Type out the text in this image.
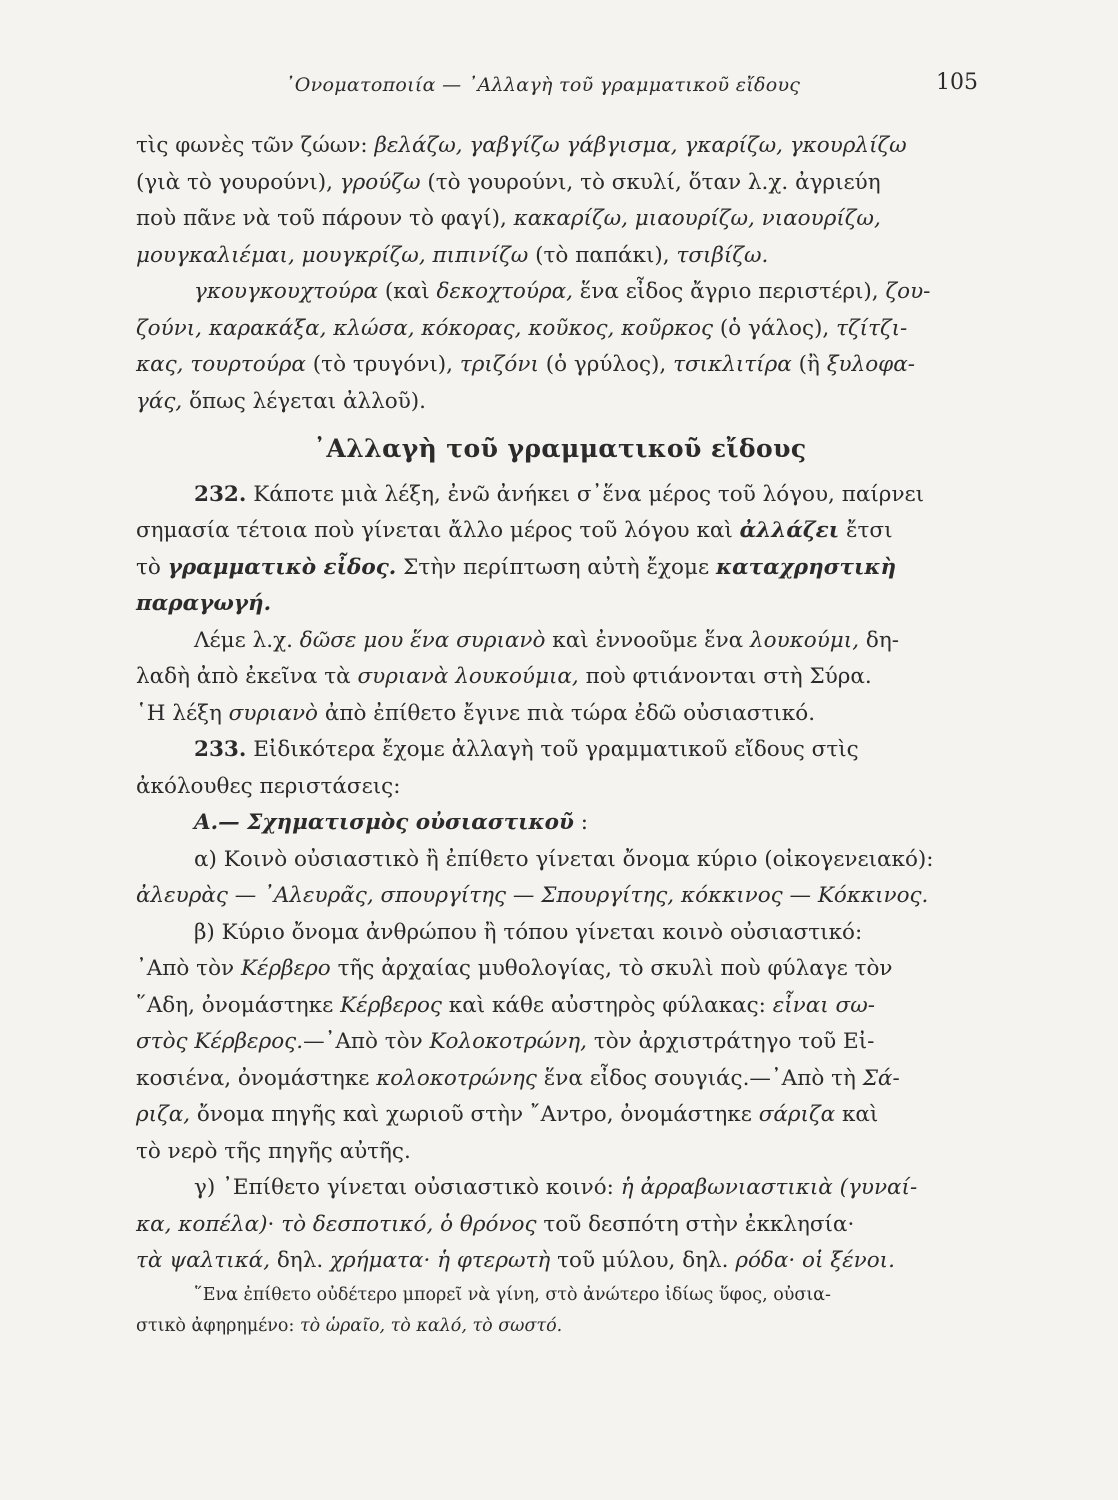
᾿Ονοματοποιία — ᾿Αλλαγὴ τοῦ γραμματικοῦ εἴδους	105
τὶς φωνὲς τῶν ζώων: βελάζω, γαβγίζω γάβγισμα, γκαρίζω, γκουρλίζω
(γιὰ τὸ γουρούνι), γρούζω (τὸ γουρούνι, τὸ σκυλί, ὅταν λ.χ. ἀγριεύη
ποὺ πᾶνε νὰ τοῦ πάρουν τὸ φαγί), κακαρίζω, μιαουρίζω, νιαουρίζω,
μουγκαλιέμαι, μουγκρίζω, πιπινίζω (τὸ παπάκι), τσιβίζω.
γκουγκουχτούρα (καὶ δεκοχτούρα, ἕνα εἶδος ἄγριο περιστέρι), ζου-
ζούνι, καρακάξα, κλώσα, κόκορας, κοῦκος, κοῦρκος (ὁ γάλος), τζίτζι-
κας, τουρτούρα (τὸ τρυγόνι), τριζόνι (ὁ γρύλος), τσικλιτίρα (ἢ ξυλοφα-
γάς, ὅπως λέγεται ἀλλοῦ).
᾿Αλλαγὴ τοῦ γραμματικοῦ εἴδους
232. Κάποτε μιὰ λέξη, ἐνῶ ἀνήκει σ᾿ἕνα μέρος τοῦ λόγου, παίρνει
σημασία τέτοια ποὺ γίνεται ἄλλο μέρος τοῦ λόγου καὶ ἀλλάζει ἔτσι
τὸ γραμματικὸ εἶδος. Στὴν περίπτωση αὐτὴ ἔχομε καταχρηστικὴ
παραγωγή.
Λέμε λ.χ. δῶσε μου ἕνα συριανὸ καὶ ἐννοοῦμε ἕνα λουκούμι, δη-
λαδὴ ἀπὸ ἐκεῖνα τὰ συριανὰ λουκούμια, ποὺ φτιάνονται στὴ Σύρα.
῾Η λέξη συριανὸ ἀπὸ ἐπίθετο ἔγινε πιὰ τώρα ἐδῶ οὐσιαστικό.
233. Εἰδικότερα ἔχομε ἀλλαγὴ τοῦ γραμματικοῦ εἴδους στὶς
ἀκόλουθες περιστάσεις:
Α.— Σχηματισμὸς οὐσιαστικοῦ :
α) Κοινὸ οὐσιαστικὸ ἢ ἐπίθετο γίνεται ὄνομα κύριο (οἰκογενειακό):
ἀλευρὰς — ᾿Αλευρᾶς, σπουργίτης — Σπουργίτης, κόκκινος — Κόκκινος.
β) Κύριο ὄνομα ἀνθρώπου ἢ τόπου γίνεται κοινὸ οὐσιαστικό:
᾿Απὸ τὸν Κέρβερο τῆς ἀρχαίας μυθολογίας, τὸ σκυλὶ ποὺ φύλαγε τὸν
῞Αδη, ὀνομάστηκε Κέρβερος καὶ κάθε αὐστηρὸς φύλακας: εἶναι σω-
στὸς Κέρβερος.—᾿Απὸ τὸν Κολοκοτρώνη, τὸν ἀρχιστράτηγο τοῦ Εἰ-
κοσιένα, ὀνομάστηκε κολοκοτρώνης ἕνα εἶδος σουγιάς.—᾿Απὸ τὴ Σά-
ριζα, ὄνομα πηγῆς καὶ χωριοῦ στὴν ῎Αντρο, ὀνομάστηκε σάριζα καὶ
τὸ νερὸ τῆς πηγῆς αὐτῆς.
γ) ᾿Επίθετο γίνεται οὐσιαστικὸ κοινό: ἡ ἀρραβωνιαστικιὰ (γυναί-
κα, κοπέλα)· τὸ δεσποτικό, ὁ θρόνος τοῦ δεσπότη στὴν ἐκκλησία·
τὰ ψαλτικά, δηλ. χρήματα· ἡ φτερωτὴ τοῦ μύλου, δηλ. ρόδα· οἱ ξένοι.
῞Ενα ἐπίθετο οὐδέτερο μπορεῖ νὰ γίνη, στὸ ἀνώτερο ἰδίως ὕφος, οὐσια-
στικὸ ἀφηρημένο: τὸ ὡραῖο, τὸ καλό, τὸ σωστό.
